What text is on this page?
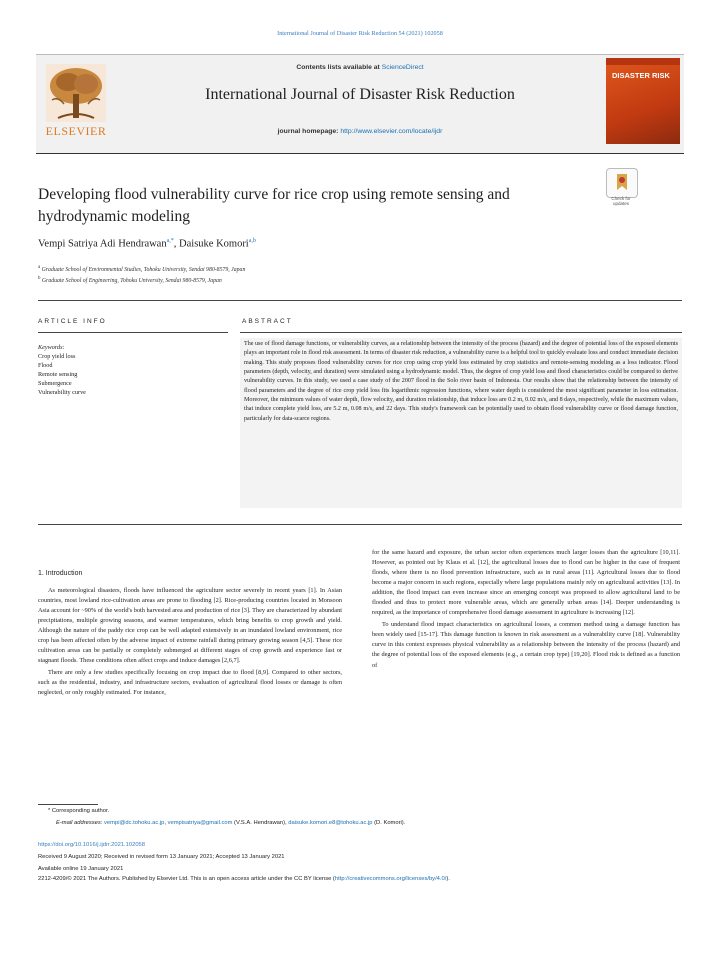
International Journal of Disaster Risk Reduction 54 (2021) 102058
ELSEVIER
Contents lists available at ScienceDirect
International Journal of Disaster Risk Reduction
journal homepage: http://www.elsevier.com/locate/ijdr
DISASTER RISK
Check for updates
Developing flood vulnerability curve for rice crop using remote sensing and hydrodynamic modeling
Vempi Satriya Adi Hendrawan$^{a,*}$, Daisuke Komori$^{a,b}$
$^a$ Graduate School of Environmental Studies, Tohoku University, Sendai 980-8579, Japan
$^b$ Graduate School of Engineering, Tohoku University, Sendai 980-8579, Japan
ARTICLE INFO
Keywords:
Crop yield loss
Flood
Remote sensing
Submergence
Vulnerability curve
ABSTRACT
The use of flood damage functions, or vulnerability curves, as a relationship between the intensity of the process (hazard) and the degree of potential loss of the exposed elements plays an important role in flood risk assessment. In terms of disaster risk reduction, a vulnerability curve is a helpful tool to quickly evaluate loss and conduct immediate decision making. This study proposes flood vulnerability curves for rice crop using crop yield loss estimated by crop statistics and remote-sensing modeling as a loss indicator. Flood parameters (depth, velocity, and duration) were simulated using a hydrodynamic model. Thus, the degree of crop yield loss and flood characteristics could be compared to derive vulnerability curves. In this study, we used a case study of the 2007 flood in the Solo river basin of Indonesia. Our results show that the relationship between the intensity of flood parameters and the degree of rice crop yield loss fits logarithmic regression functions, where water depth is considered the most significant parameter in loss estimation. Moreover, the minimum values of water depth, flow velocity, and duration relationship, that induce loss are 0.2 m, 0.02 m/s, and 8 days, respectively, while the maximum values, that induce complete yield loss, are 5.2 m, 0.08 m/s, and 22 days. This study's framework can be potentially used to obtain flood vulnerability curve or flood damage function, particularly for data-scarce regions.
1. Introduction

As meteorological disasters, floods have influenced the agriculture sector severely in recent years [1]. In Asian countries, most lowland rice-cultivation areas are prone to flooding [2]. Rice-producing countries located in Monsoon Asia account for ~90% of the world's both harvested area and production of rice [3]. They are characterized by abundant precipitations, multiple growing seasons, and warmer temperatures, which bring benefits to crop growth and yield. Although the nature of the paddy rice crop can be well adapted extensively in an inundated lowland environment, rice crop has been affected often by the adverse impact of extreme rainfall during primary growing season [4,5]. These rice cultivation areas can be partially or completely submerged at different stages of crop growth and experience fast or stagnant floods. These conditions often affect crops and induce damages [2,6,7].

There are only a few studies specifically focusing on crop impact due to flood [8,9]. Compared to other sectors, such as the residential, industry, and infrastructure sectors, evaluation of agricultural flood losses or damage is often neglected, or only roughly estimated. For instance,

for the same hazard and exposure, the urban sector often experiences much larger losses than the agriculture [10,11]. However, as pointed out by Klaus et al. [12], the agricultural losses due to flood can be higher in the case of frequent floods, where there is no flood prevention infrastructure, such as in rural areas [11]. Agricultural losses due to flood become a major concern in such regions, especially where large populations mainly rely on agricultural activities [13]. In addition, the flood impact can even increase since an emerging concept was proposed to allow agricultural land to be flooded and thus to protect more vulnerable areas, which are generally urban areas [14]. Deeper understanding is required, as the importance of comprehensive flood damage assessment in agriculture is increasing [12].

To understand flood impact characteristics on agricultural losses, a common method using a damage function has been widely used [15-17]. This damage function is known in risk assessment as a vulnerability curve [18]. Vulnerability curve in this context expresses physical vulnerability as a relationship between the intensity of the process (hazard) and the degree of potential loss of the exposed elements (e.g., a certain crop type) [19,20]. Flood risk is defined as a function of

* Corresponding author.
E-mail addresses: vempi@dc.tohoku.ac.jp, vempisatriya@gmail.com (V.S.A. Hendrawan), daisuke.komori.e8@tohoku.ac.jp (D. Komori).
https://doi.org/10.1016/j.ijdrr.2021.102058
Received 9 August 2020; Received in revised form 13 January 2021; Accepted 13 January 2021
Available online 19 January 2021
2212-4209/© 2021 The Authors. Published by Elsevier Ltd. This is an open access article under the CC BY license (http://creativecommons.org/licenses/by/4.0/).
